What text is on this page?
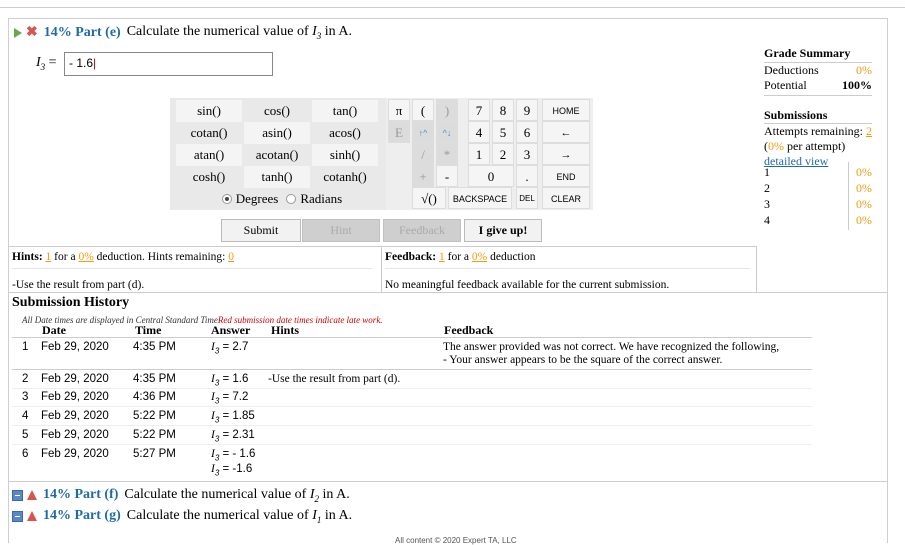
✖ 14% Part (e) Calculate the numerical value of $I_3$ in A.
$I_3$ =	- 1.6|
sin()	cos()	tan()
cotan()	asin()	acos()
atan()	acotan()	sinh()
cosh()	tanh()	cotanh()
Degrees Radians
π	(	)	7	8	9	HOME
E	↑^	^↓	4	5	6	←
/	*	1	2	3	→
+	-	0	.	END
√()	BACKSPACE	DEL	CLEAR
Submit	Hint	Feedback	I give up!
Grade Summary
Deductions	0%
Potential	100%
Submissions
Attempts remaining: 2
(0% per attempt)
detailed view
1	0%
2	0%
3	0%
4	0%
Hints: 1 for a 0% deduction. Hints remaining: 0	Feedback: 1 for a 0% deduction
-Use the result from part (d).	No meaningful feedback available for the current submission.
Submission History
All Date times are displayed in Central Standard TimeRed submission date times indicate late work.
Date	Time	Answer Hints	Feedback
1 Feb 29, 2020 4:35 PM	$I_3 = 2.7$	The answer provided was not correct. We have recognized the following,
- Your answer appears to be the square of the correct answer.
2 Feb 29, 2020 4:35 PM	$I_3 = 1.6$ -Use the result from part (d).
3 Feb 29, 2020 4:36 PM	$I_3 = 7.2$
4 Feb 29, 2020 5:22 PM	$I_3 = 1.85$
5 Feb 29, 2020 5:22 PM	$I_3 = 2.31$
6 Feb 29, 2020 5:27 PM	$I_3$ = - 1.6
$I_3 = -1.6$
14% Part (f) Calculate the numerical value of $I_2$ in A.
14% Part (g) Calculate the numerical value of $I_1$ in A.
All content © 2020 Expert TA, LLC
